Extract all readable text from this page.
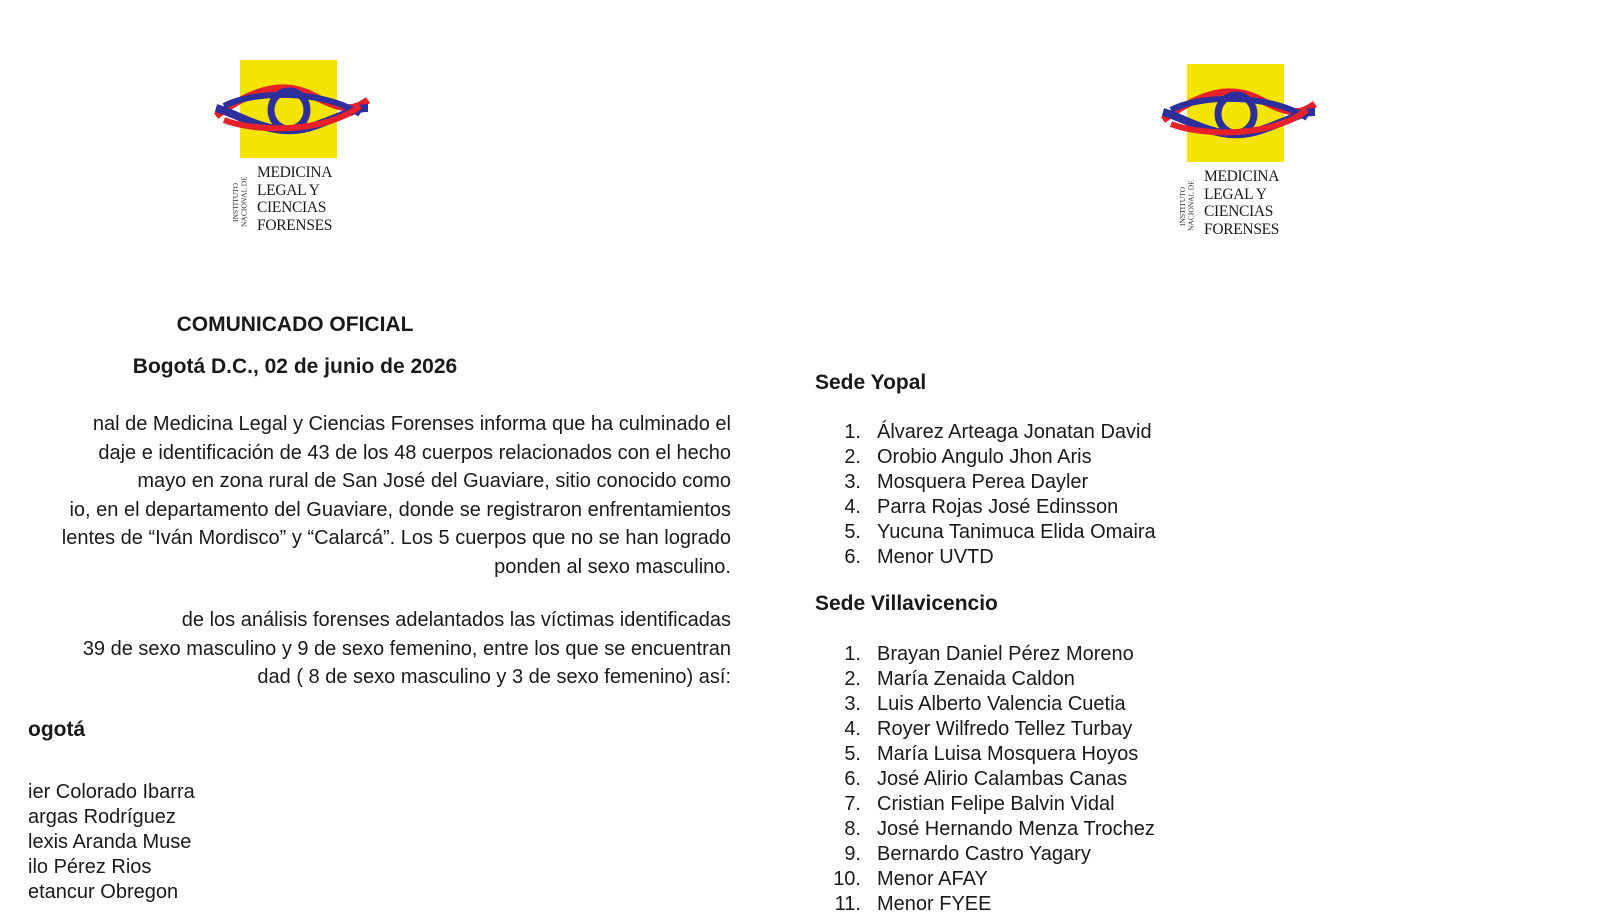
INSTITUTO
NACIONAL DE
MEDICINA
LEGAL Y
CIENCIAS
FORENSES	INSTITUTO
NACIONAL DE
MEDICINA
LEGAL Y
CIENCIAS
FORENSES
COMUNICADO OFICIAL
Bogotá D.C., 02 de junio de 2026
nal de Medicina Legal y Ciencias Forenses informa que ha culminado el
daje e identificación de 43 de los 48 cuerpos relacionados con el hecho
mayo en zona rural de San José del Guaviare, sitio conocido como
io, en el departamento del Guaviare, donde se registraron enfrentamientos
lentes de “Iván Mordisco” y “Calarcá”. Los 5 cuerpos que no se han logrado
ponden al sexo masculino.
de los análisis forenses adelantados las víctimas identificadas
39 de sexo masculino y 9 de sexo femenino, entre los que se encuentran
dad ( 8 de sexo masculino y 3 de sexo femenino) así:
ogotá
ier Colorado Ibarra
argas Rodríguez
lexis Aranda Muse
ilo Pérez Rios
etancur Obregon
Sede Yopal
1. Álvarez Arteaga Jonatan David
2. Orobio Angulo Jhon Aris
3. Mosquera Perea Dayler
4. Parra Rojas José Edinsson
5. Yucuna Tanimuca Elida Omaira
6. Menor UVTD
Sede Villavicencio
1. Brayan Daniel Pérez Moreno
2. María Zenaida Caldon
3. Luis Alberto Valencia Cuetia
4. Royer Wilfredo Tellez Turbay
5. María Luisa Mosquera Hoyos
6. José Alirio Calambas Canas
7. Cristian Felipe Balvin Vidal
8. José Hernando Menza Trochez
9. Bernardo Castro Yagary
10. Menor AFAY
11. Menor FYEE
